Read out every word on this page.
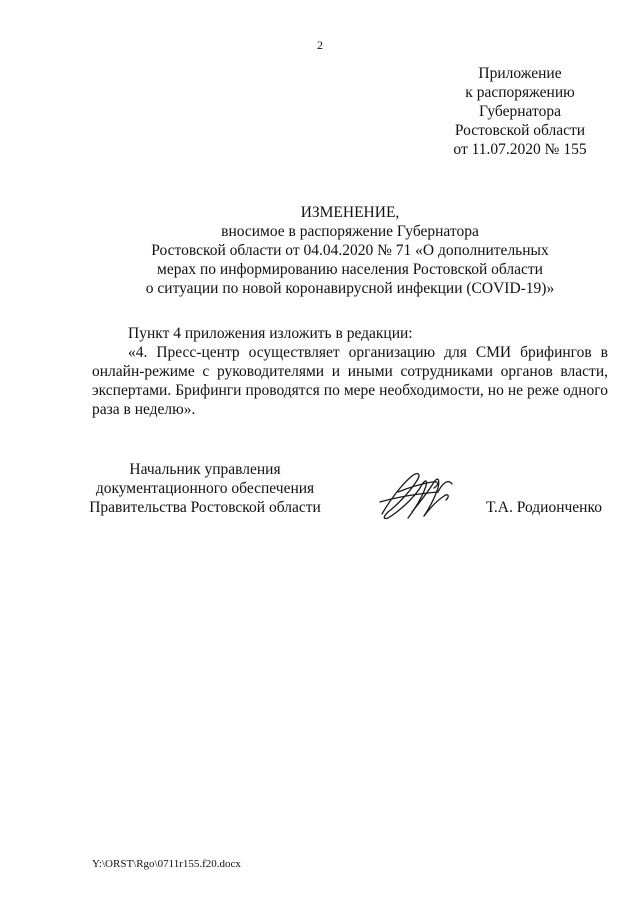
2
Приложение
к распоряжению
Губернатора
Ростовской области
от 11.07.2020 № 155
ИЗМЕНЕНИЕ,
вносимое в распоряжение Губернатора
Ростовской области от 04.04.2020 № 71 «О дополнительных
мерах по информированию населения Ростовской области
о ситуации по новой коронавирусной инфекции (COVID-19)»
Пункт 4 приложения изложить в редакции:
«4. Пресс-центр осуществляет организацию для СМИ брифингов в онлайн-режиме с руководителями и иными сотрудниками органов власти, экспертами. Брифинги проводятся по мере необходимости, но не реже одного раза в неделю».
Начальник управления
документационного обеспечения
Правительства Ростовской области	Т.А. Родионченко
Y:\ORST\Rgo\0711r155.f20.docx
